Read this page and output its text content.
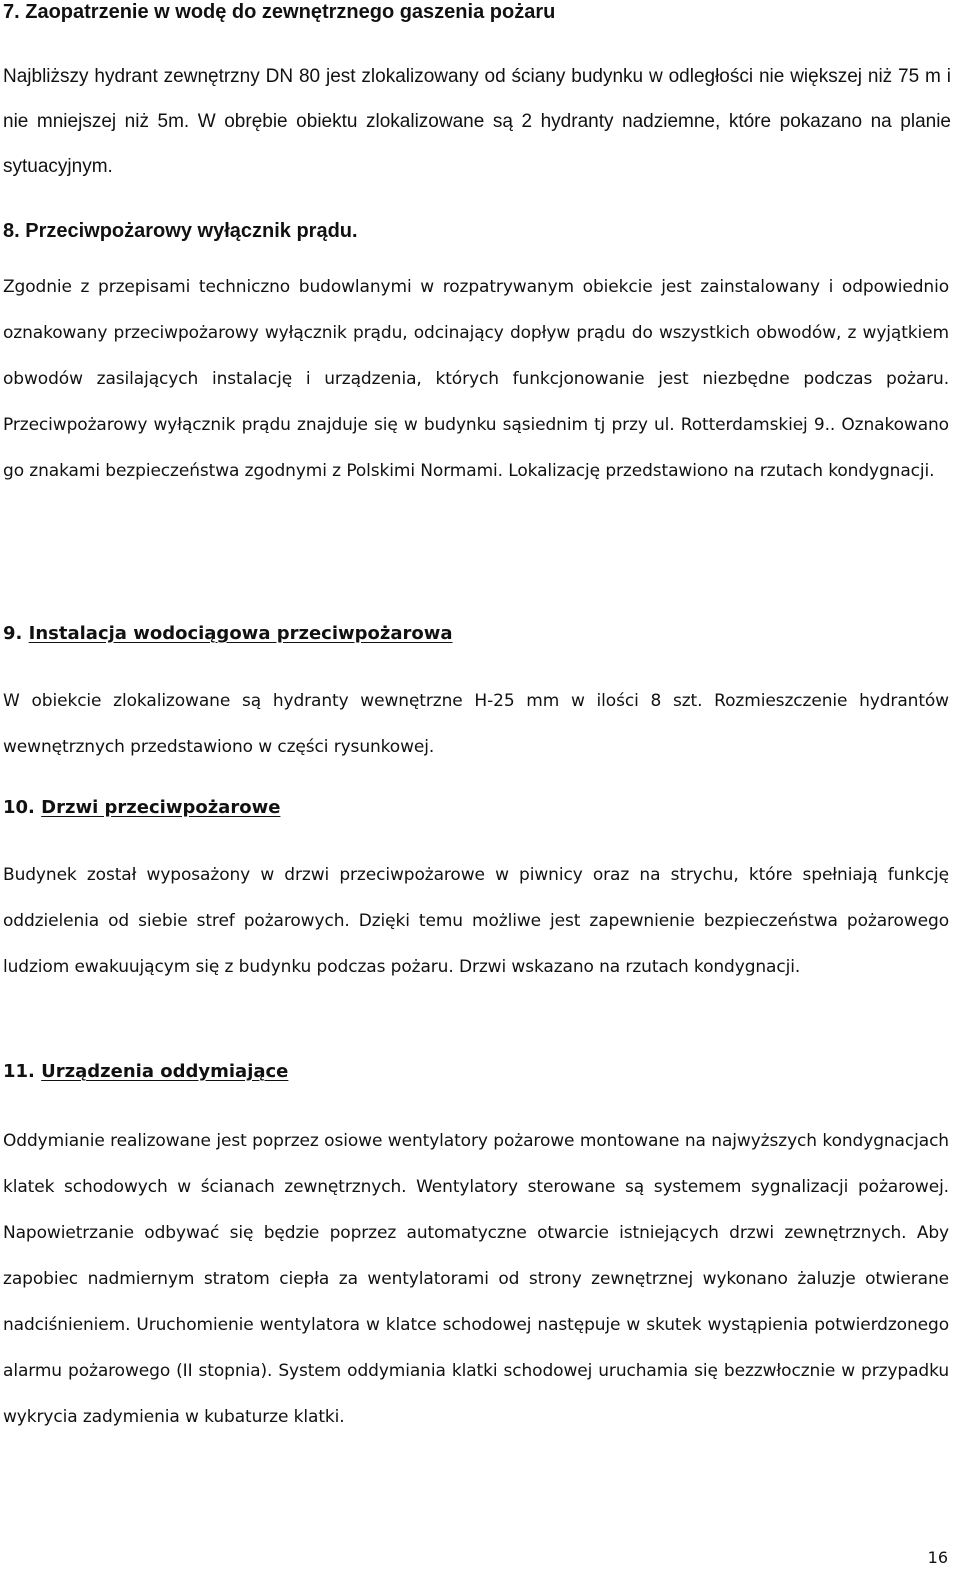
7. Zaopatrzenie w wodę do zewnętrznego gaszenia pożaru

Najbliższy hydrant zewnętrzny DN 80 jest zlokalizowany od ściany budynku w odległości nie większej niż 75 m i nie mniejszej niż 5m. W obrębie obiektu zlokalizowane są 2 hydranty nadziemne, które pokazano na planie sytuacyjnym.

8. Przeciwpożarowy wyłącznik prądu.

Zgodnie z przepisami techniczno budowlanymi w rozpatrywanym obiekcie jest zainstalowany i odpowiednio oznakowany przeciwpożarowy wyłącznik prądu, odcinający dopływ prądu do wszystkich obwodów, z wyjątkiem obwodów zasilających instalację i urządzenia, których funkcjonowanie jest niezbędne podczas pożaru. Przeciwpożarowy wyłącznik prądu znajduje się w budynku sąsiednim tj przy ul. Rotterdamskiej 9.. Oznakowano go znakami bezpieczeństwa zgodnymi z Polskimi Normami. Lokalizację przedstawiono na rzutach kondygnacji.

9. Instalacja wodociągowa przeciwpożarowa

W obiekcie zlokalizowane są hydranty wewnętrzne H-25 mm w ilości 8 szt. Rozmieszczenie hydrantów wewnętrznych przedstawiono w części rysunkowej.

10. Drzwi przeciwpożarowe

Budynek został wyposażony w drzwi przeciwpożarowe w piwnicy oraz na strychu, które spełniają funkcję oddzielenia od siebie stref pożarowych. Dzięki temu możliwe jest zapewnienie bezpieczeństwa pożarowego ludziom ewakuującym się z budynku podczas pożaru. Drzwi wskazano na rzutach kondygnacji.

11. Urządzenia oddymiające

Oddymianie realizowane jest poprzez osiowe wentylatory pożarowe montowane na najwyższych kondygnacjach klatek schodowych w ścianach zewnętrznych. Wentylatory sterowane są systemem sygnalizacji pożarowej. Napowietrzanie odbywać się będzie poprzez automatyczne otwarcie istniejących drzwi zewnętrznych. Aby zapobiec nadmiernym stratom ciepła za wentylatorami od strony zewnętrznej wykonano żaluzje otwierane nadciśnieniem. Uruchomienie wentylatora w klatce schodowej następuje w skutek wystąpienia potwierdzonego alarmu pożarowego (II stopnia). System oddymiania klatki schodowej uruchamia się bezzwłocznie w przypadku wykrycia zadymienia w kubaturze klatki.

16
